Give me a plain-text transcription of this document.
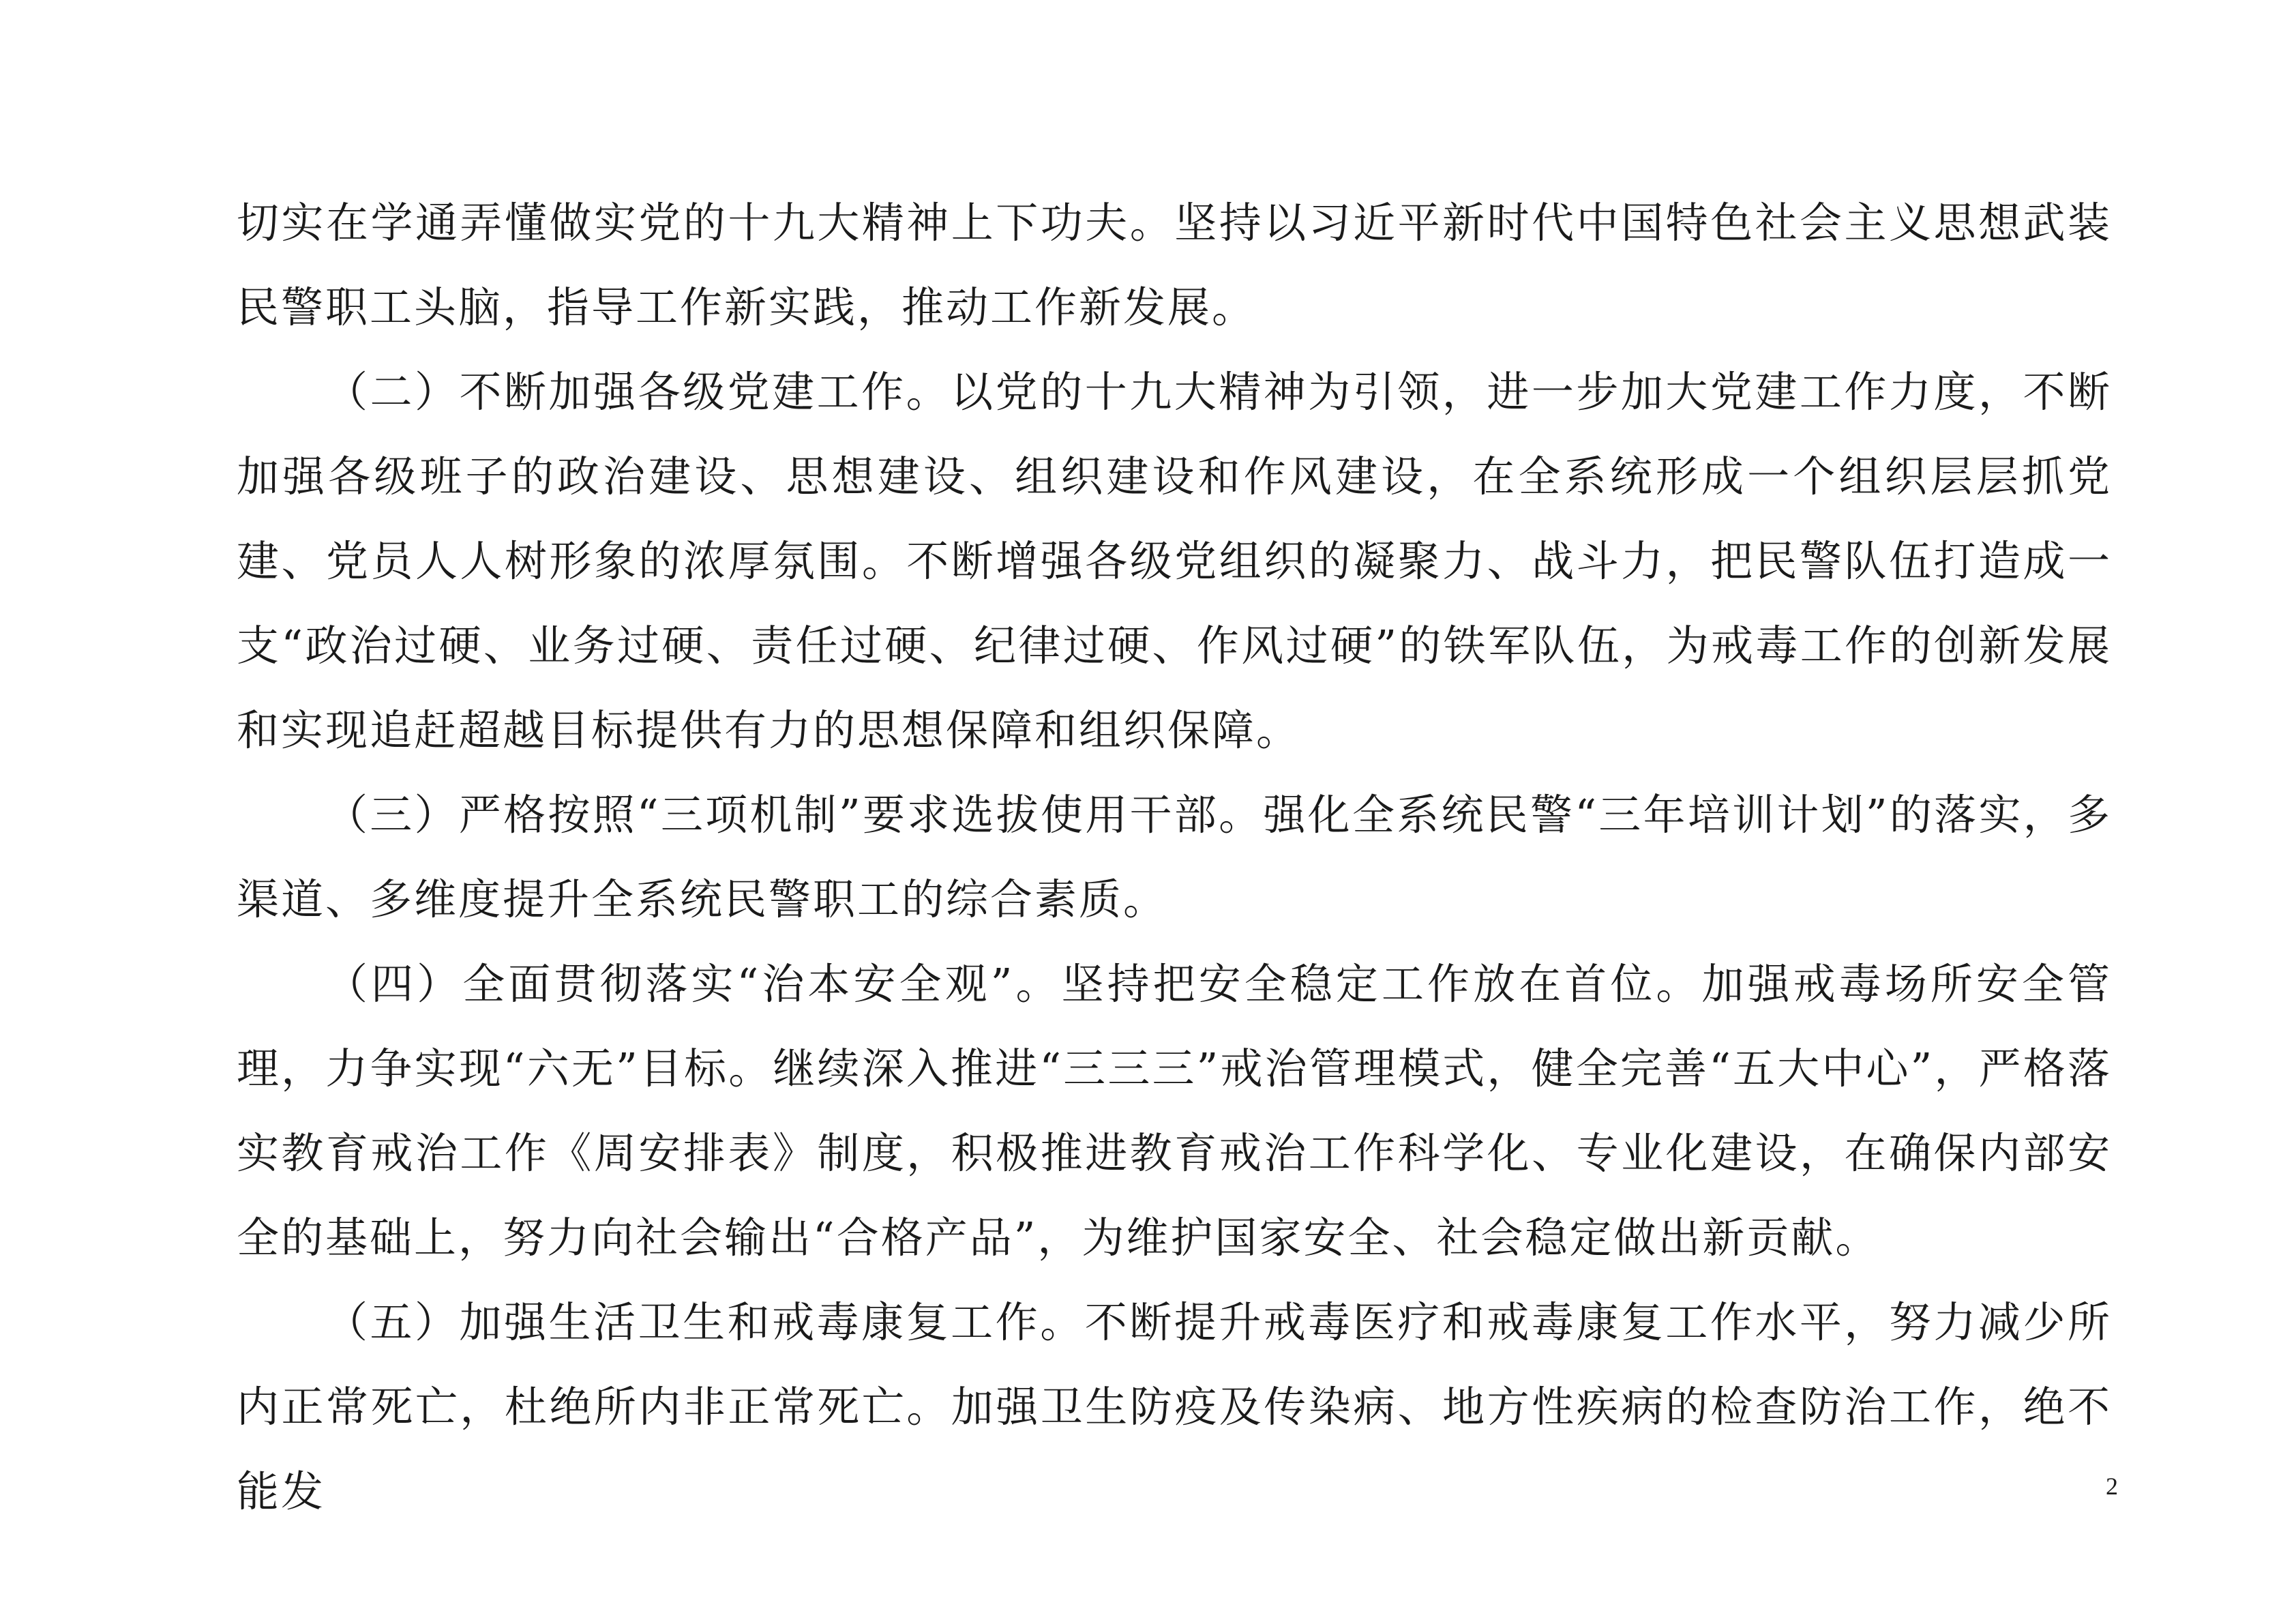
切实在学通弄懂做实党的十九大精神上下功夫。坚持以习近平新时代中国特色社会主义思想武装民警职工头脑，指导工作新实践，推动工作新发展。

（二）不断加强各级党建工作。以党的十九大精神为引领，进一步加大党建工作力度，不断加强各级班子的政治建设、思想建设、组织建设和作风建设，在全系统形成一个组织层层抓党建、党员人人树形象的浓厚氛围。不断增强各级党组织的凝聚力、战斗力，把民警队伍打造成一支“政治过硬、业务过硬、责任过硬、纪律过硬、作风过硬”的铁军队伍，为戒毒工作的创新发展和实现追赶超越目标提供有力的思想保障和组织保障。

（三）严格按照“三项机制”要求选拔使用干部。强化全系统民警“三年培训计划”的落实，多渠道、多维度提升全系统民警职工的综合素质。

（四）全面贯彻落实“治本安全观”。坚持把安全稳定工作放在首位。加强戒毒场所安全管理，力争实现“六无”目标。继续深入推进“三三三”戒治管理模式，健全完善“五大中心”，严格落实教育戒治工作《周安排表》制度，积极推进教育戒治工作科学化、专业化建设，在确保内部安全的基础上，努力向社会输出“合格产品”，为维护国家安全、社会稳定做出新贡献。

（五）加强生活卫生和戒毒康复工作。不断提升戒毒医疗和戒毒康复工作水平，努力减少所内正常死亡，杜绝所内非正常死亡。加强卫生防疫及传染病、地方性疾病的检查防治工作，绝不能发	2
